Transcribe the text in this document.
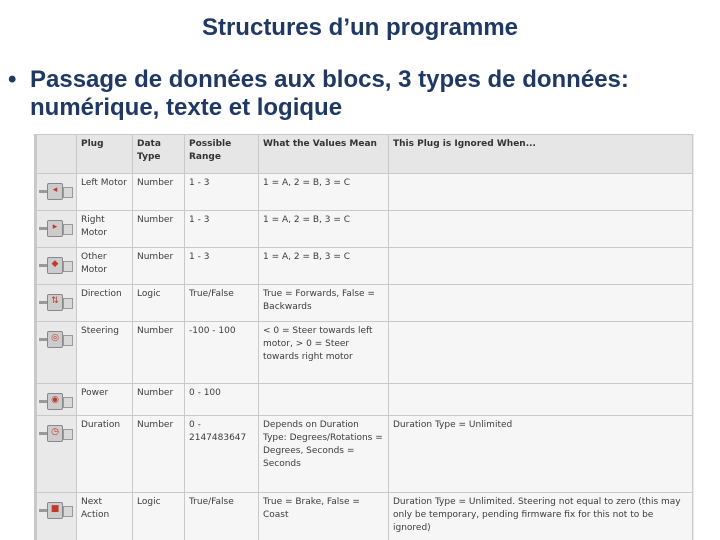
Structures d’un programme
• Passage de données aux blocs, 3 types de données: numérique, texte et logique
	Plug	Data Type	Possible Range	What the Values Mean	This Plug is Ignored When...

◂	Left Motor	Number	1 - 3	1 = A, 2 = B, 3 = C	

▸	Right Motor	Number	1 - 3	1 = A, 2 = B, 3 = C	

◆	Other Motor	Number	1 - 3	1 = A, 2 = B, 3 = C	

⇅	Direction	Logic	True/False	True = Forwards, False = Backwards	

◎	Steering	Number	-100 - 100	< 0 = Steer towards left motor, > 0 = Steer towards right motor	

◉	Power	Number	0 - 100		

◷	Duration	Number	0 - 2147483647	Depends on Duration Type: Degrees/Rotations = Degrees, Seconds = Seconds	Duration Type = Unlimited

■	Next Action	Logic	True/False	True = Brake, False = Coast	Duration Type = Unlimited. Steering not equal to zero (this may only be temporary, pending firmware fix for this not to be ignored)
